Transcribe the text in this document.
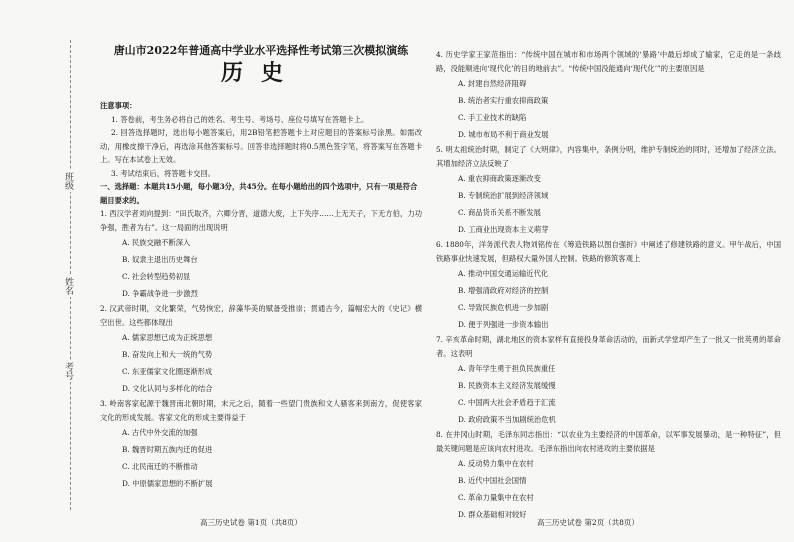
班级
姓名
考号

唐山市2022年普通高中学业水平选择性考试第三次模拟演练

历史

注意事项：

1. 答卷前，考生务必将自己的姓名、考生号、考场号、座位号填写在答题卡上。

2. 回答选择题时，选出每小题答案后，用2B铅笔把答题卡上对应题目的答案标号涂黑。如需改动，用橡皮擦干净后，再选涂其他答案标号。回答非选择题时将0.5黑色签字笔，将答案写在答题卡上。写在本试卷上无效。

3. 考试结束后，将答题卡交回。

一、选择题：本题共15小题，每小题3分，共45分。在每小题给出的四个选项中，只有一项是符合题目要求的。

1. 西汉学者刘向提到：“田氏取齐，六卿分晋，道德大废，上下失序……上无天子，下无方伯，力功争强，胜者为右”。这一局面的出现说明

A. 民族交融不断深入
B. 奴隶主退出历史舞台
C. 社会转型趋势初显
D. 争霸战争进一步激烈

2. 汉武帝时期，文化繁荣，气势恢宏，辞藻华美的赋备受推崇；贯通古今，篇幅宏大的《史记》横空出世。这些都体现出

A. 儒家思想已成为正统思想
B. 奋发向上和大一统的气势
C. 东亚儒家文化圈逐渐形成
D. 文化认同与多样化的结合

3. 岭南客家起源于魏晋南北朝时期，末元之后，随着一些望门贵族和文人骚客来到南方，促使客家文化的形成发展。客家文化的形成主要得益于

A. 古代中外交流的加强
B. 魏晋时期五族内迁的促进
C. 北民南迁的不断推动
D. 中原儒家思想的不断扩展

4. 历史学家王家范指出：“传统中国在城市和市场两个领域的‘暴路’中最后却成了输家，它走的是一条歧路，没能顺进向‘现代化’的目的地前去”。“传统中国没能通向‘现代化’”的主要原因是

A. 封建自然经济阻碍
B. 统治者实行重农抑商政策
C. 手工业技术的缺陷
D. 城市布局不利于商业发展

5. 明太祖统治时期，制定了《大明律》，内容集中，条例分明，维护专制统治的同时，还增加了经济立法。其增加经济立法反映了

A. 重农抑商政策逐渐改变
B. 专制统治扩展到经济领域
C. 商品货币关系不断发展
D. 工商业出现资本主义萌芽

6. 1880年，洋务派代表人物刘铭传在《筹造铁路以图自强折》中阐述了修建铁路的意义。甲午战后，中国铁路事业快速发展，但路权大量外国人控制。铁路的修筑客观上

A. 推动中国交通运输近代化
B. 增强清政府对经济的控制
C. 导致民族危机进一步加剧
D. 便于列强进一步资本输出

7. 辛亥革命时期，湖北地区的资本家样有直接投身革命活动的，而新式学堂却产生了一批又一批英勇的革命者。这表明

A. 青年学生勇于担负民族重任
B. 民族资本主义经济发展缓慢
C. 中国两大社会矛盾趋于汇流
D. 政府政策不当加剧统治危机

8. 在井冈山时期，毛泽东同志指出：“以农业为主要经济的中国革命，以军事发展暴动，是一种特征”，但最关键问题是应该向农村进攻。毛泽东指出向农村进攻的主要依据是

A. 反动势力集中在农村
B. 近代中国社会国情
C. 革命力量集中在农村
D. 群众基础相对较好
高三历史试卷 第1页（共8页）	高三历史试卷 第2页（共8页）
